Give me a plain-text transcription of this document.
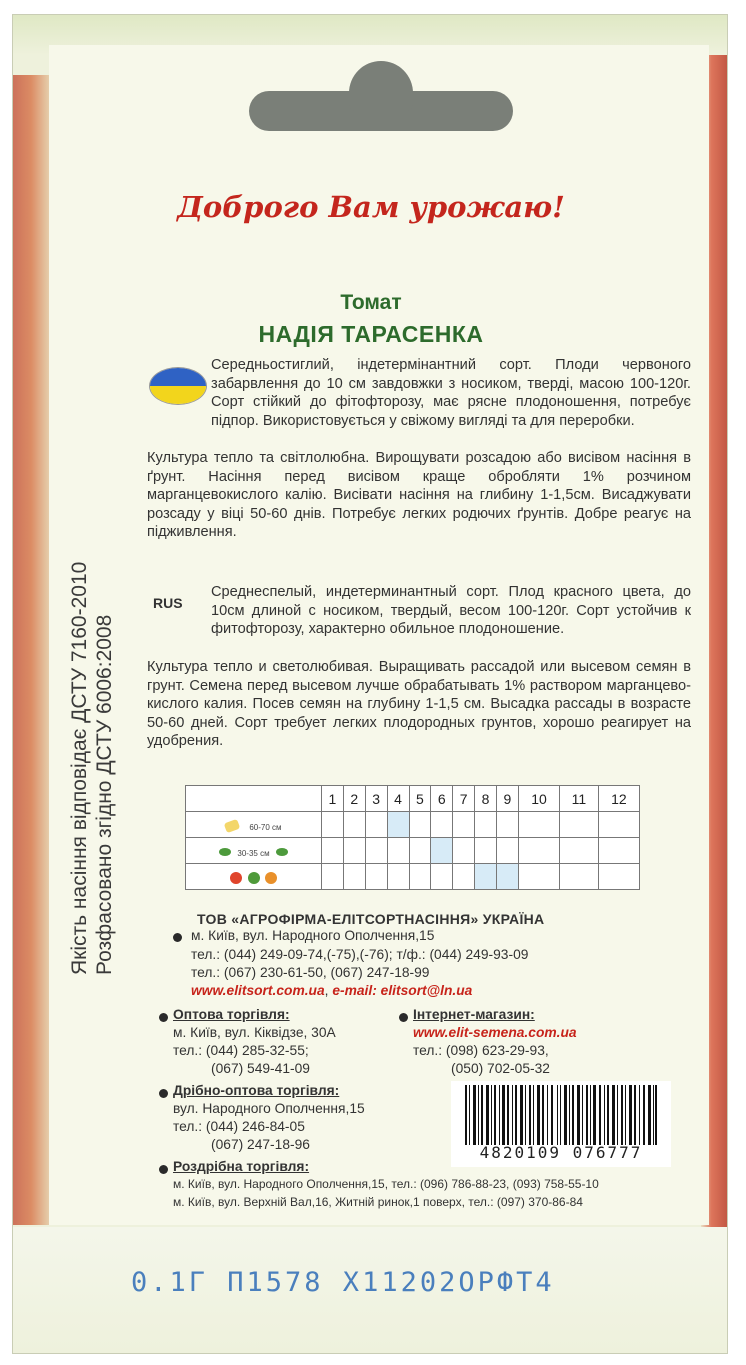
Доброго Вам урожаю!
Томат
НАДІЯ ТАРАСЕНКА
Середньостиглий, індетермінантний сорт. Плоди червоного забарвлення до 10 см завдовжки з носиком, тверді, масою 100-120г. Сорт стійкий до фітофторозу, має рясне плодоношення, потребує підпор. Використовується у свіжому вигляді та для переробки.
Культура тепло та світлолюбна. Вирощувати розсадою або висівом насіння в ґрунт. Насіння перед висівом краще обробляти 1% розчином марганцевокислого калію. Висівати насіння на глибину 1-1,5см. Висаджувати розсаду у віці 50-60 днів. Потребує легких родючих ґрунтів. Добре реагує на підживлення.
RUS
Среднеспелый, индетерминантный сорт. Плод красного цвета, до 10см длиной с носиком, твердый, весом 100-120г. Сорт устойчив к фитофторозу, характерно обильное плодоношение.
Культура тепло и светолюбивая. Выращивать рассадой или высевом семян в грунт. Семена перед высевом лучше обрабатывать 1% раствором марганцево-кислого калия. Посев семян на глубину 1-1,5 см. Высадка рассады в возрасте 50-60 дней. Сорт требует легких плодородных грунтов, хорошо реагирует на удобрения.
Якість насіння відповідає ДСТУ 7160-2010 Розфасовано згідно ДСТУ 6006:2008
		1	2	3	4	5	6	7	8	9	10	11	12
60-70 см												
30-35 см												

ТОВ «АГРОФІРМА-ЕЛІТСОРТНАСІННЯ» УКРАЇНА
м. Київ, вул. Народного Ополчення,15
тел.: (044) 249-09-74,(-75),(-76); т/ф.: (044) 249-93-09
тел.: (067) 230-61-50, (067) 247-18-99
www.elitsort.com.ua, e-mail: elitsort@ln.ua
Оптова торгівля:
м. Київ, вул. Кіквідзе, 30А
тел.: (044) 285-32-55;
(067) 549-41-09
Інтернет-магазин:
www.elit-semena.com.ua
тел.: (098) 623-29-93,
(050) 702-05-32
Дрібно-оптова торгівля:
вул. Народного Ополчення,15
тел.: (044) 246-84-05
(067) 247-18-96	4820109 076777
Роздрібна торгівля:
м. Київ, вул. Народного Ополчення,15, тел.: (096) 786-88-23, (093) 758-55-10
м. Київ, вул. Верхній Вал,16, Житній ринок,1 поверх, тел.: (097) 370-86-84
0.1Г П1578 Х11202ОРФТ4
